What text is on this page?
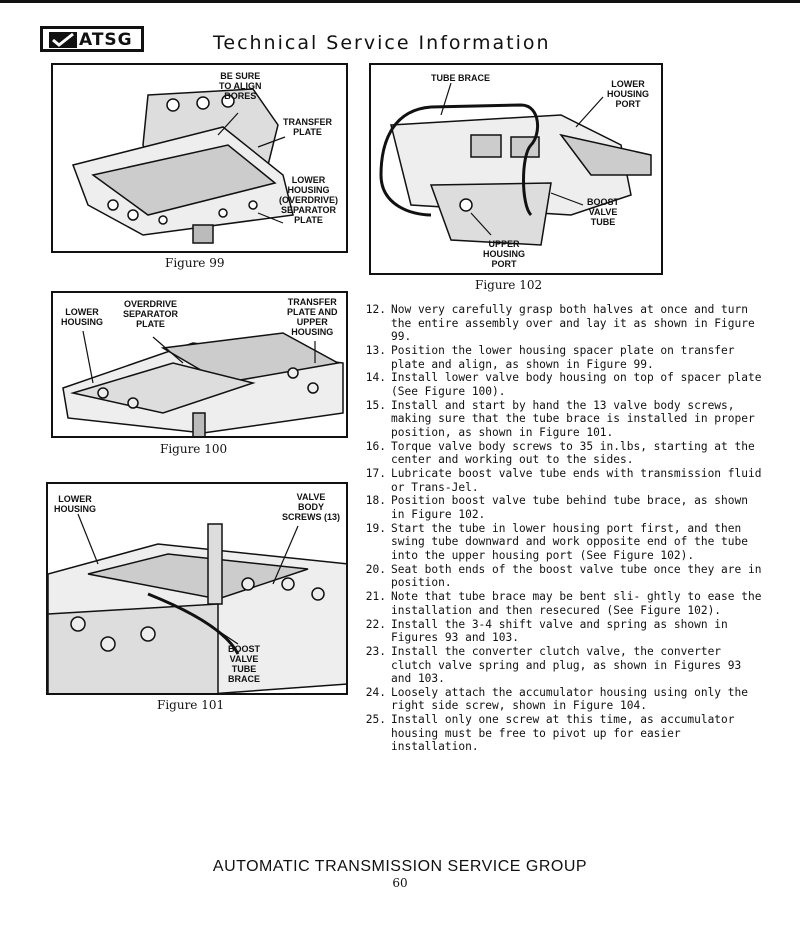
ATSG	Technical Service Information
BE SURE
TO ALIGN
BORES
TRANSFER
PLATE
LOWER
HOUSING
(OVERDRIVE)
SEPARATOR
PLATE
Figure 99
TUBE BRACE
LOWER
HOUSING
PORT
BOOST
VALVE
TUBE
UPPER
HOUSING
PORT
Figure 102
LOWER
HOUSING
OVERDRIVE
SEPARATOR
PLATE
TRANSFER
PLATE AND
UPPER
HOUSING
Figure 100
LOWER
HOUSING
VALVE
BODY
SCREWS (13)
BOOST
VALVE
TUBE
BRACE
Figure 101
12. Now very carefully grasp both halves at once and turn the entire assembly over and lay it as shown in Figure 99.
13. Position the lower housing spacer plate on transfer plate and align, as shown in Figure 99.
14. Install lower valve body housing on top of spacer plate (See Figure 100).
15. Install and start by hand the 13 valve body screws, making sure that the tube brace is installed in proper position, as shown in Figure 101.
16. Torque valve body screws to 35 in.lbs, starting at the center and working out to the sides.
17. Lubricate boost valve tube ends with transmission fluid or Trans-Jel.
18. Position boost valve tube behind tube brace, as shown in Figure 102.
19. Start the tube in lower housing port first, and then swing tube downward and work opposite end of the tube into the upper housing port (See Figure 102).
20. Seat both ends of the boost valve tube once they are in position.
21. Note that tube brace may be bent sli- ghtly to ease the installation and then resecured (See Figure 102).
22. Install the 3-4 shift valve and spring as shown in Figures 93 and 103.
23. Install the converter clutch valve, the converter clutch valve spring and plug, as shown in Figures 93 and 103.
24. Loosely attach the accumulator housing using only the right side screw, shown in Figure 104.
25. Install only one screw at this time, as accumulator housing must be free to pivot up for easier installation.
AUTOMATIC TRANSMISSION SERVICE GROUP
60
